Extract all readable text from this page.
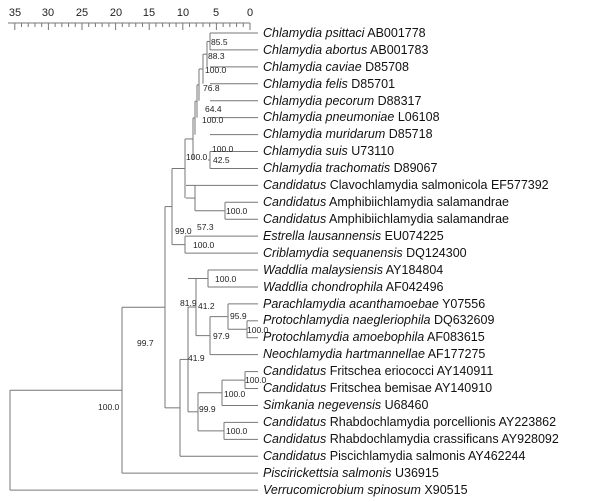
35 30 25 20 15 10 5	0
Chlamydia psittaci AB001778
Chlamydia abortus AB001783
Chlamydia caviae D85708
Chlamydia felis D85701
Chlamydia pecorum D88317
Chlamydia pneumoniae L06108
Chlamydia muridarum D85718
Chlamydia suis U73110
Chlamydia trachomatis D89067
Candidatus Clavochlamydia salmonicola EF577392
Candidatus Amphibiichlamydia salamandrae
Candidatus Amphibiichlamydia salamandrae
Estrella lausannensis EU074225
Criblamydia sequanensis DQ124300
Waddlia malaysiensis AY184804
Waddlia chondrophila AF042496
Parachlamydia acanthamoebae Y07556
Protochlamydia naegleriophila DQ632609
Protochlamydia amoebophila AF083615
Neochlamydia hartmannellae AF177275
Candidatus Fritschea eriococci AY140911
Candidatus Fritschea bemisae AY140910
Simkania negevensis U68460
Candidatus Rhabdochlamydia porcellionis AY223862
Candidatus Rhabdochlamydia crassificans AY928092
Candidatus Piscichlamydia salmonis AY462244
Piscirickettsia salmonis U36915
Verrucomicrobium spinosum X90515
85.5
88.3
100.0
76.8
64.4
100.0
100.0
42.5
100.0
57.3
100.0
99.0
100.0
100.0
81.9 41.2
95.9
100.0
97.9
99.7
41.9
100.0
100.0
99.9
100.0
100.0
